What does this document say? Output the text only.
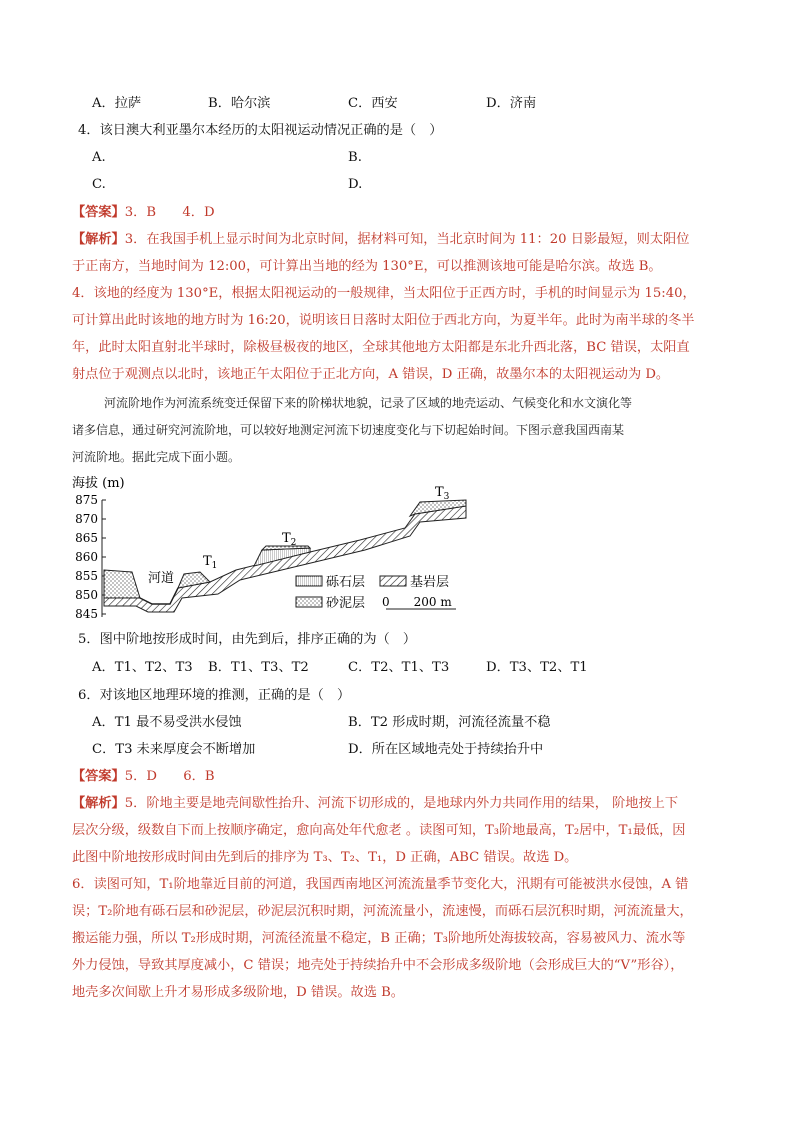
A．拉萨	B．哈尔滨	C．西安	D．济南
4．该日澳大利亚墨尔本经历的太阳视运动情况正确的是（　）
A.	B.
C.	D.
【答案】3．B　　4．D
【解析】3．在我国手机上显示时间为北京时间，据材料可知，当北京时间为 11：20 日影最短，则太阳位
于正南方，当地时间为 12:00，可计算出当地的经为 130°E，可以推测该地可能是哈尔滨。故选 B。
4．该地的经度为 130°E，根据太阳视运动的一般规律，当太阳位于正西方时，手机的时间显示为 15:40，
可计算出此时该地的地方时为 16:20，说明该日日落时太阳位于西北方向，为夏半年。此时为南半球的冬半
年，此时太阳直射北半球时，除极昼极夜的地区，全球其他地方太阳都是东北升西北落，BC 错误，太阳直
射点位于观测点以北时，该地正午太阳位于正北方向，A 错误，D 正确，故墨尔本的太阳视运动为 D。
河流阶地作为河流系统变迁保留下来的阶梯状地貌，记录了区域的地壳运动、气候变化和水文演化等
诸多信息，通过研究河流阶地，可以较好地测定河流下切速度变化与下切起始时间。下图示意我国西南某
河流阶地。据此完成下面小题。
海拔 (m)
875
870
865
860
855
850
845
河道
$T_1$
$T_2$
$T_3$
砾石层	基岩层
砂泥层 0　　200 m
5．图中阶地按形成时间，由先到后，排序正确的为（　）
A．T1、T2、T3 B．T1、T3、T2	C．T2、T1、T3	D．T3、T2、T1
6．对该地区地理环境的推测，正确的是（　）
A．T1 最不易受洪水侵蚀	B．T2 形成时期，河流径流量不稳
C．T3 未来厚度会不断增加	D．所在区域地壳处于持续抬升中
【答案】5．D　　6．B
【解析】5．阶地主要是地壳间歇性抬升、河流下切形成的，是地球内外力共同作用的结果， 阶地按上下
层次分级，级数自下而上按顺序确定，愈向高处年代愈老 。读图可知，T₃阶地最高，T₂居中，T₁最低，因
此图中阶地按形成时间由先到后的排序为 T₃、T₂、T₁，D 正确，ABC 错误。故选 D。
6．读图可知，T₁阶地靠近目前的河道，我国西南地区河流流量季节变化大，汛期有可能被洪水侵蚀，A 错
误；T₂阶地有砾石层和砂泥层，砂泥层沉积时期，河流流量小，流速慢，而砾石层沉积时期，河流流量大，
搬运能力强，所以 T₂形成时期，河流径流量不稳定，B 正确；T₃阶地所处海拔较高，容易被风力、流水等
外力侵蚀，导致其厚度减小，C 错误；地壳处于持续抬升中不会形成多级阶地（会形成巨大的“V”形谷），
地壳多次间歇上升才易形成多级阶地，D 错误。故选 B。
